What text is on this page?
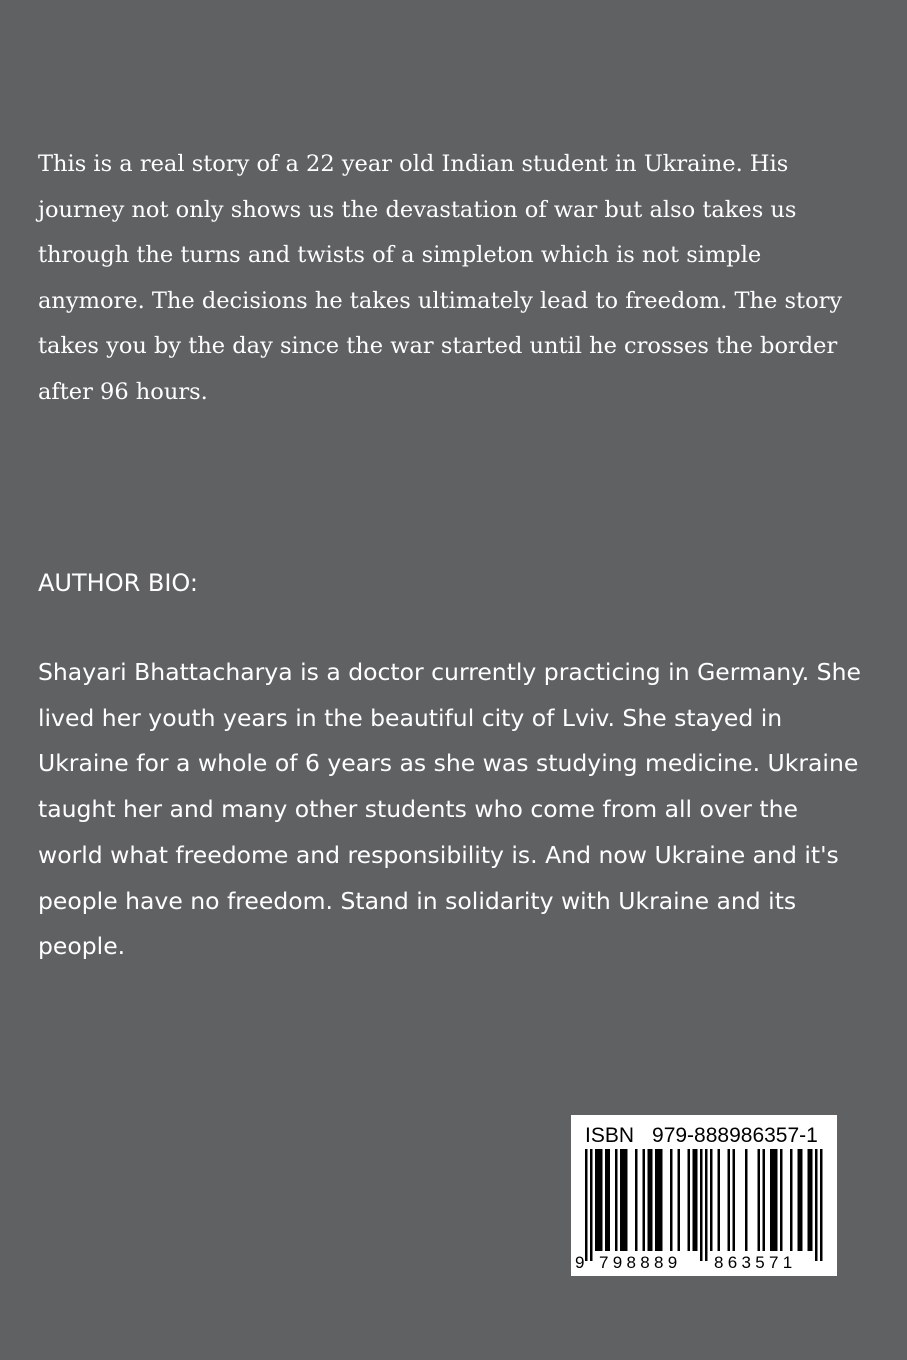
This is a real story of a 22 year old Indian student in Ukraine. His journey not only shows us the devastation of war but also takes us through the turns and twists of a simpleton which is not simple anymore. The decisions he takes ultimately lead to freedom. The story takes you by the day since the war started until he crosses the border after 96 hours.

AUTHOR BIO:

Shayari Bhattacharya is a doctor currently practicing in Germany. She lived her youth years in the beautiful city of Lviv. She stayed in Ukraine for a whole of 6 years as she was studying medicine. Ukraine taught her and many other students who come from all over the world what freedome and responsibility is. And now Ukraine and it's people have no freedom. Stand in solidarity with Ukraine and its people.

ISBN 979-888986357-1
9 798889 863571
